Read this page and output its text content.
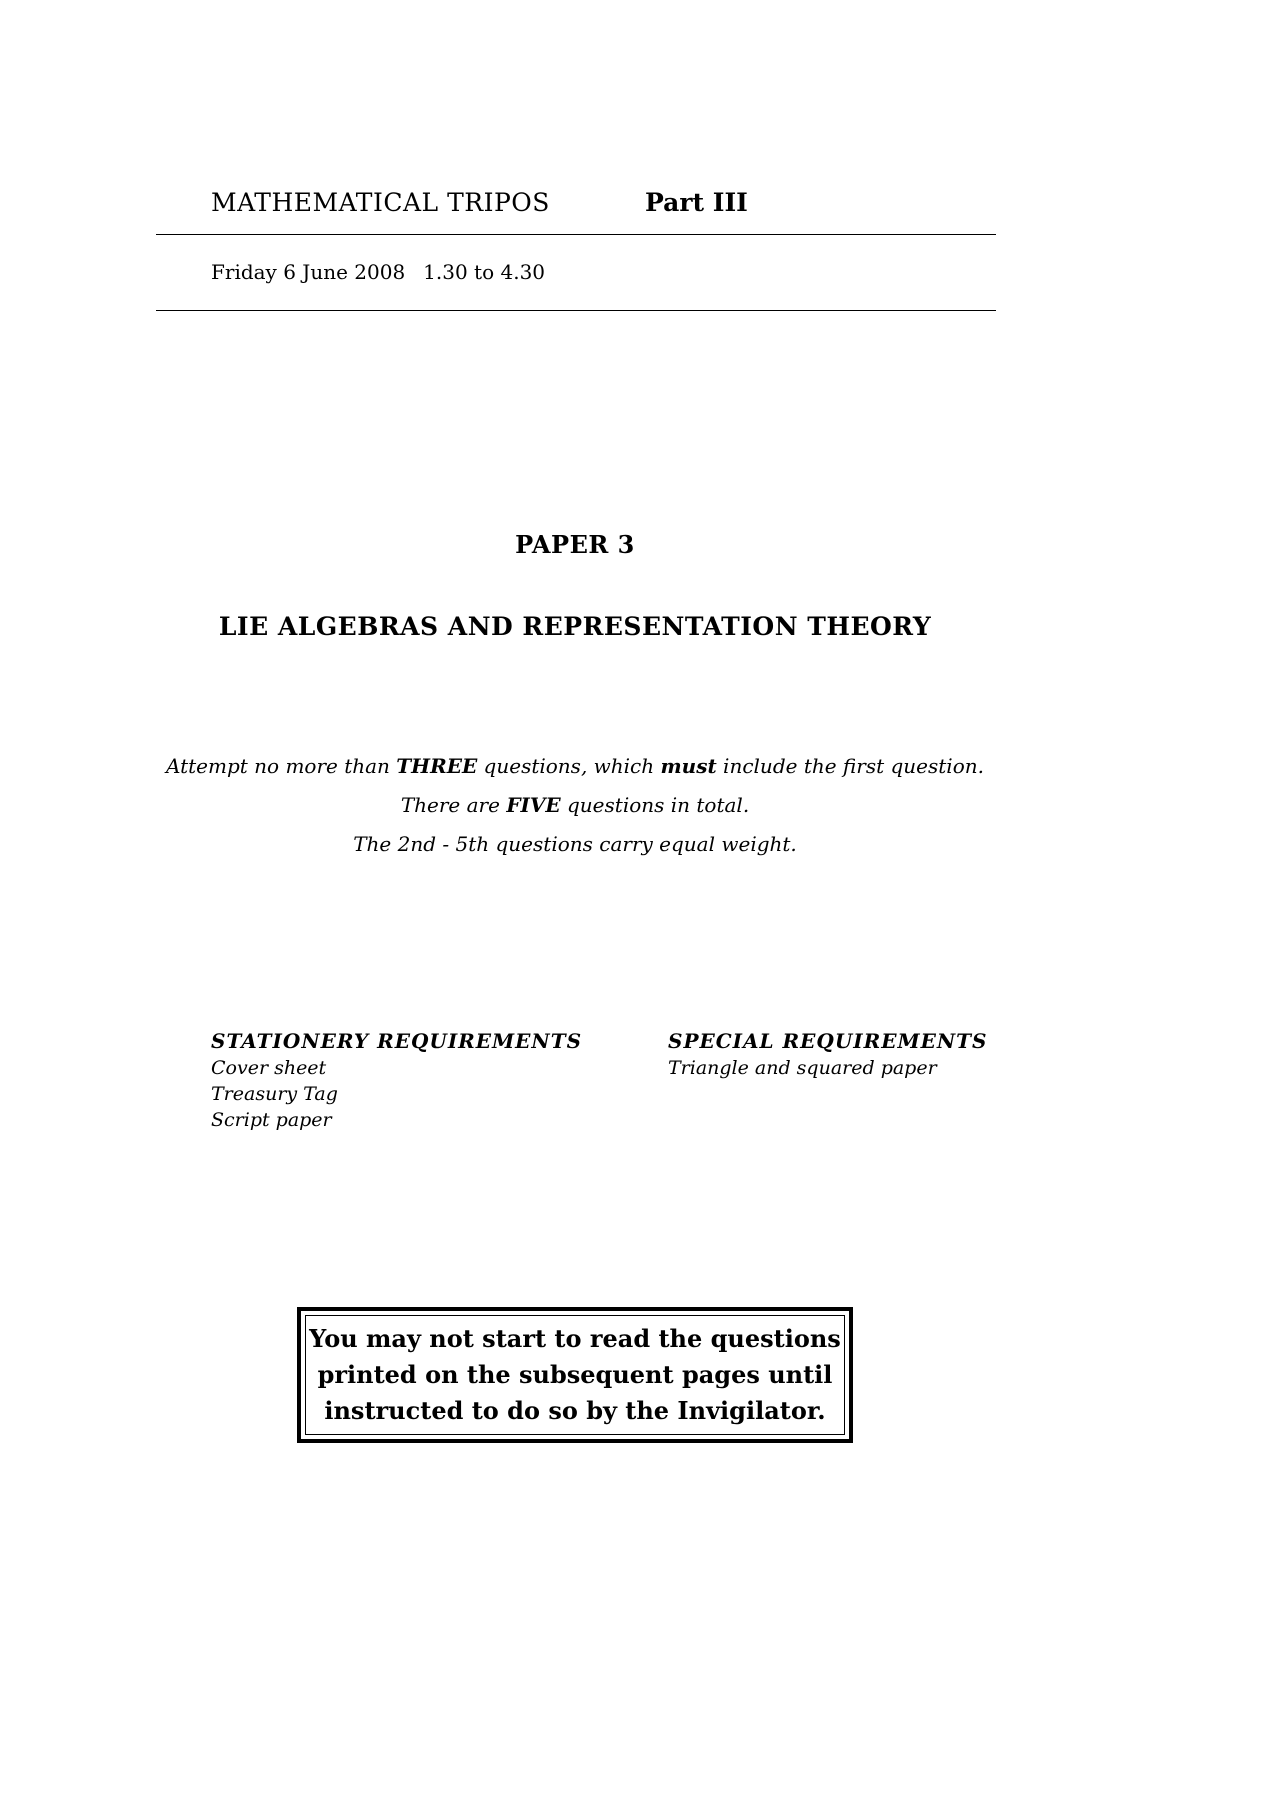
MATHEMATICAL TRIPOS	Part III
Friday 6 June 2008 1.30 to 4.30
PAPER 3
LIE ALGEBRAS AND REPRESENTATION THEORY
Attempt no more than THREE questions, which must include the first question.
There are FIVE questions in total.
The 2nd - 5th questions carry equal weight.
STATIONERY REQUIREMENTS
Cover sheet
Treasury Tag
Script paper
SPECIAL REQUIREMENTS
Triangle and squared paper
You may not start to read the questions
printed on the subsequent pages until
instructed to do so by the Invigilator.
